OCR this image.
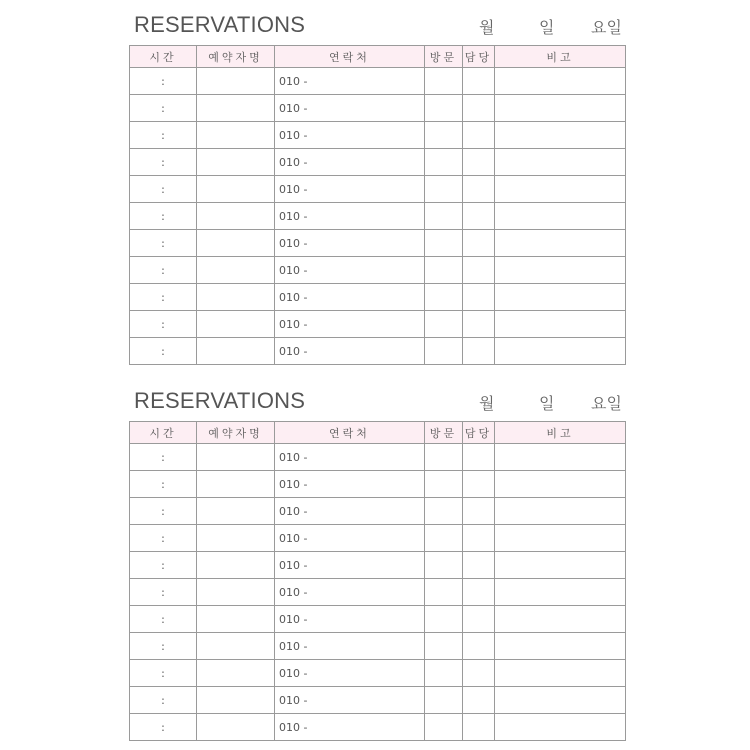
RESERVATIONS	월	일 요일
시간	예약자명	연락처	방문	담당	비고
:		010 -			
:		010 -			
:		010 -			
:		010 -			
:		010 -			
:		010 -			
:		010 -			
:		010 -			
:		010 -			
:		010 -			
:		010 -			
RESERVATIONS	월	일 요일
시간	예약자명	연락처	방문	담당	비고
:		010 -			
:		010 -			
:		010 -			
:		010 -			
:		010 -			
:		010 -			
:		010 -			
:		010 -			
:		010 -			
:		010 -			
:		010 -			
